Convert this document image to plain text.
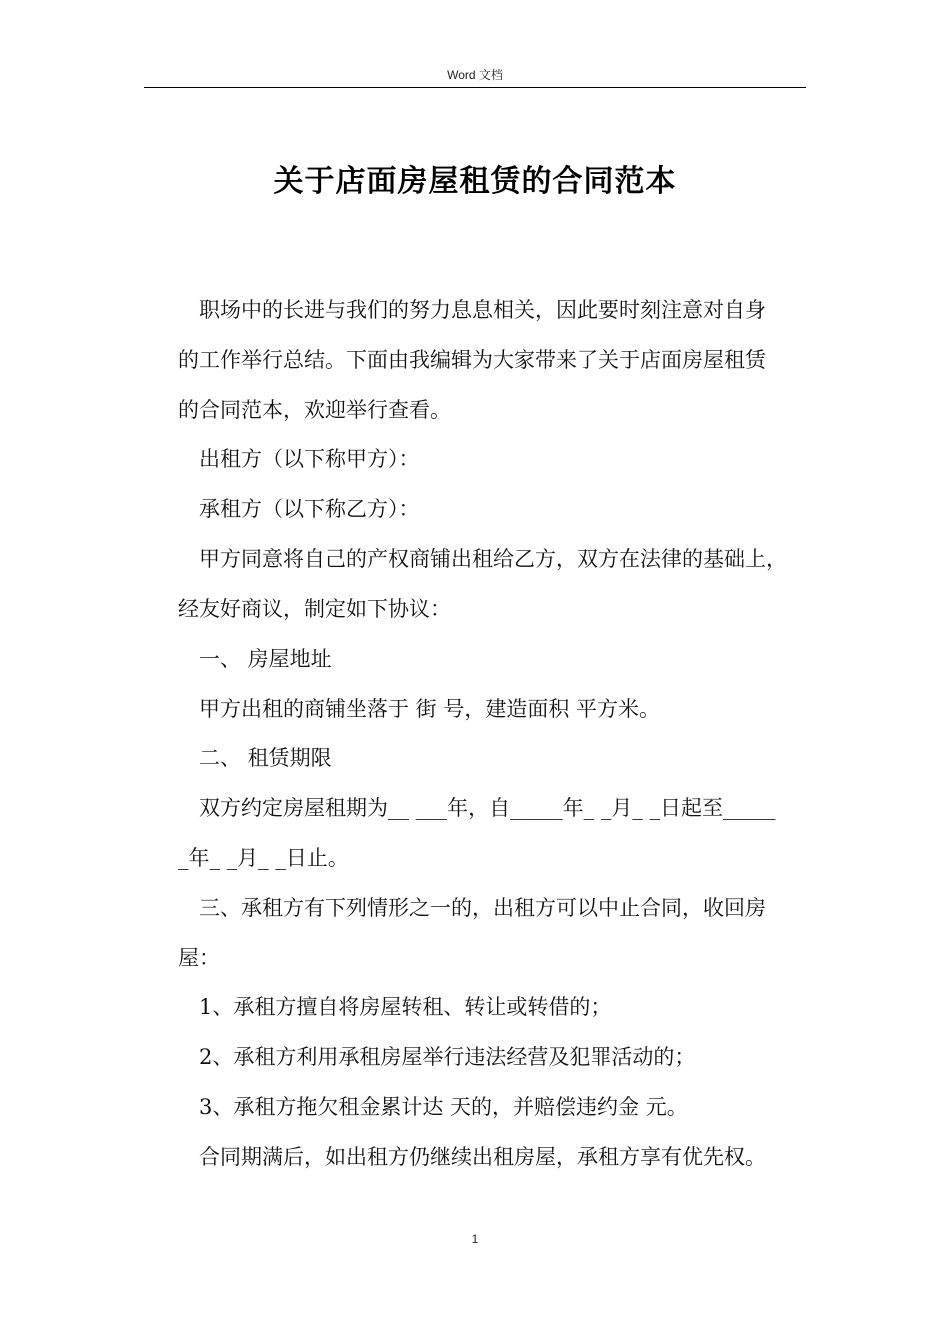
Word 文档
关于店面房屋租赁的合同范本
职场中的长进与我们的努力息息相关，因此要时刻注意对自身
的工作举行总结。下面由我编辑为大家带来了关于店面房屋租赁
的合同范本，欢迎举行查看。
出租方（以下称甲方）：
承租方（以下称乙方）：
甲方同意将自己的产权商铺出租给乙方，双方在法律的基础上，
经友好商议，制定如下协议：
一、 房屋地址
甲方出租的商铺坐落于 街 号，建造面积 平方米。
二、 租赁期限
双方约定房屋租期为__ ___年，自_____年_ _月_ _日起至_____
_年_ _月_ _日止。
三、承租方有下列情形之一的，出租方可以中止合同，收回房
屋：
1、承租方擅自将房屋转租、转让或转借的；
2、承租方利用承租房屋举行违法经营及犯罪活动的；
3、承租方拖欠租金累计达 天的，并赔偿违约金 元。
合同期满后，如出租方仍继续出租房屋，承租方享有优先权。
1
